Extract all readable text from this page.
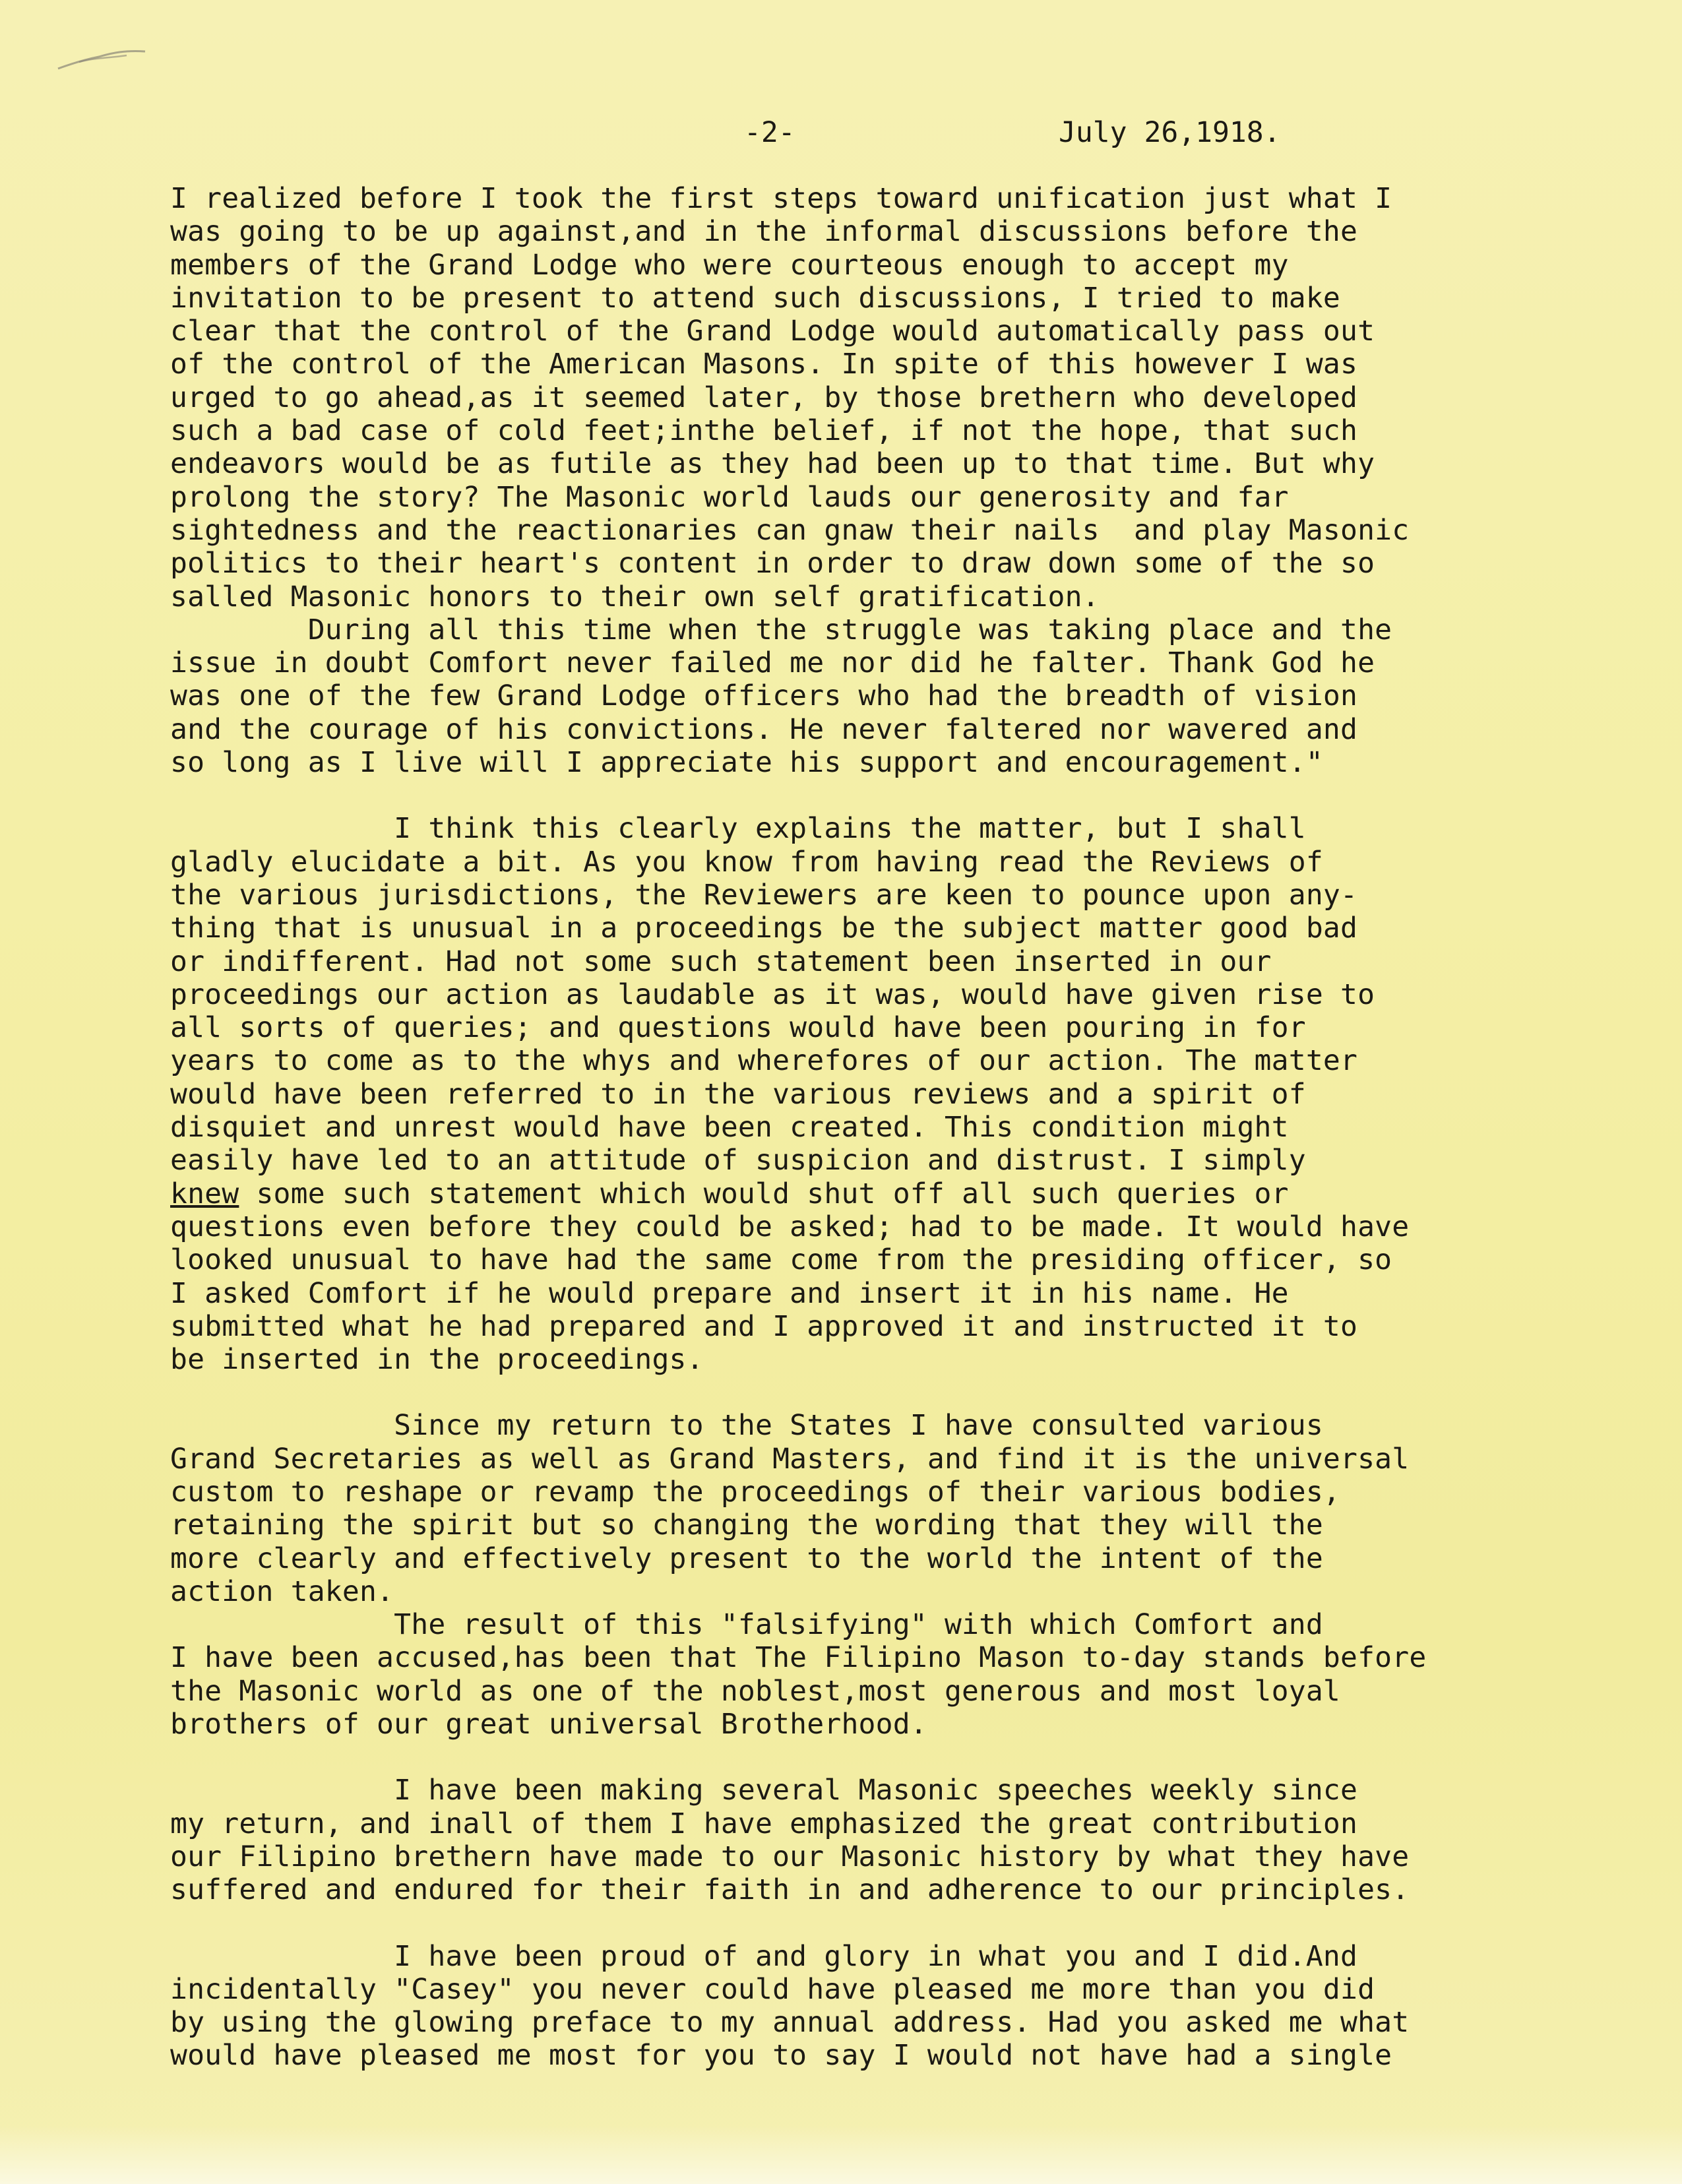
-2-	July 26,1918.
I realized before I took the first steps toward unification just what I
was going to be up against,and in the informal discussions before the
members of the Grand Lodge who were courteous enough to accept my
invitation to be present to attend such discussions, I tried to make
clear that the control of the Grand Lodge would automatically pass out
of the control of the American Masons. In spite of this however I was
urged to go ahead,as it seemed later, by those brethern who developed
such a bad case of cold feet;inthe belief, if not the hope, that such
endeavors would be as futile as they had been up to that time. But why
prolong the story? The Masonic world lauds our generosity and far
sightedness and the reactionaries can gnaw their nails  and play Masonic
politics to their heart's content in order to draw down some of the so
salled Masonic honors to their own self gratification.
During all this time when the struggle was taking place and the
issue in doubt Comfort never failed me nor did he falter. Thank God he
was one of the few Grand Lodge officers who had the breadth of vision
and the courage of his convictions. He never faltered nor wavered and
so long as I live will I appreciate his support and encouragement."
I think this clearly explains the matter, but I shall
gladly elucidate a bit. As you know from having read the Reviews of
the various jurisdictions, the Reviewers are keen to pounce upon any-
thing that is unusual in a proceedings be the subject matter good bad
or indifferent. Had not some such statement been inserted in our
proceedings our action as laudable as it was, would have given rise to
all sorts of queries; and questions would have been pouring in for
years to come as to the whys and wherefores of our action. The matter
would have been referred to in the various reviews and a spirit of
disquiet and unrest would have been created. This condition might
easily have led to an attitude of suspicion and distrust. I simply
knew some such statement which would shut off all such queries or
questions even before they could be asked; had to be made. It would have
looked unusual to have had the same come from the presiding officer, so
I asked Comfort if he would prepare and insert it in his name. He
submitted what he had prepared and I approved it and instructed it to
be inserted in the proceedings.
Since my return to the States I have consulted various
Grand Secretaries as well as Grand Masters, and find it is the universal
custom to reshape or revamp the proceedings of their various bodies,
retaining the spirit but so changing the wording that they will the
more clearly and effectively present to the world the intent of the
action taken.
The result of this "falsifying" with which Comfort and
I have been accused,has been that The Filipino Mason to-day stands before
the Masonic world as one of the noblest,most generous and most loyal
brothers of our great universal Brotherhood.
I have been making several Masonic speeches weekly since
my return, and inall of them I have emphasized the great contribution
our Filipino brethern have made to our Masonic history by what they have
suffered and endured for their faith in and adherence to our principles.
I have been proud of and glory in what you and I did.And
incidentally "Casey" you never could have pleased me more than you did
by using the glowing preface to my annual address. Had you asked me what
would have pleased me most for you to say I would not have had a single
